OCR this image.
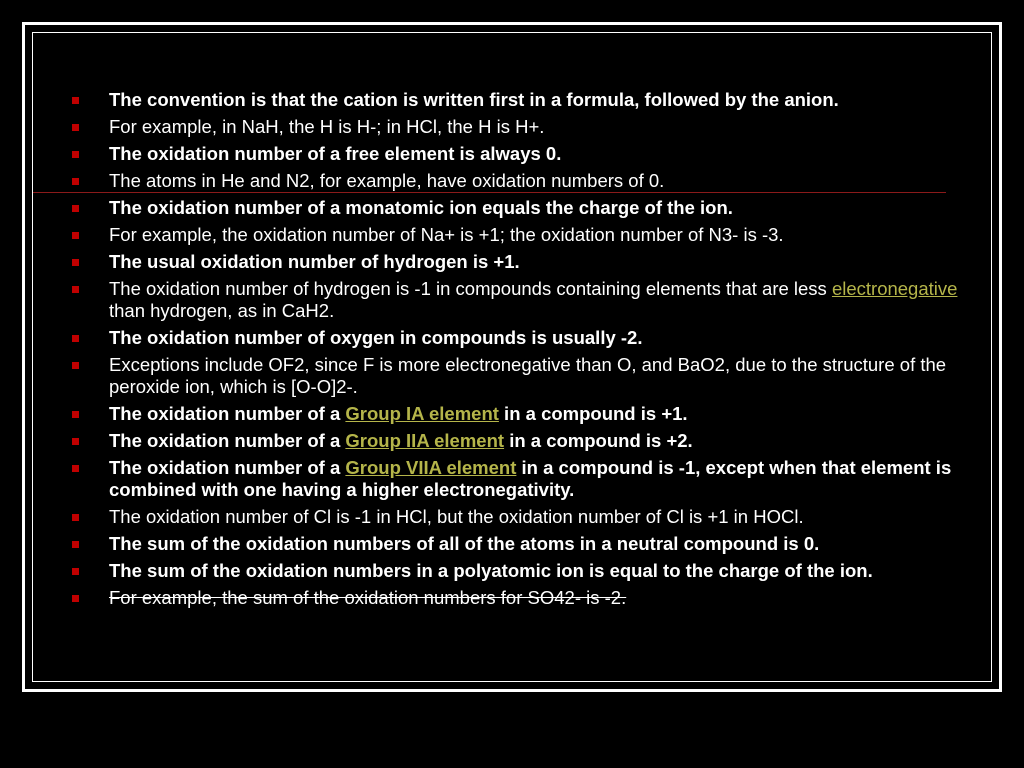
The convention is that the cation is written first in a formula, followed by the anion.
For example, in NaH, the H is H-; in HCl, the H is H+.
The oxidation number of a free element is always 0.
The atoms in He and N2, for example, have oxidation numbers of 0.
The oxidation number of a monatomic ion equals the charge of the ion.
For example, the oxidation number of Na+ is +1; the oxidation number of N3- is -3.
The usual oxidation number of hydrogen is +1.
The oxidation number of hydrogen is -1 in compounds containing elements that are less electronegative than hydrogen, as in CaH2.
The oxidation number of oxygen in compounds is usually -2.
Exceptions include OF2, since F is more electronegative than O, and BaO2, due to the structure of the peroxide ion, which is [O-O]2-.
The oxidation number of a Group IA element in a compound is +1.
The oxidation number of a Group IIA element in a compound is +2.
The oxidation number of a Group VIIA element in a compound is -1, except when that element is combined with one having a higher electronegativity.
The oxidation number of Cl is -1 in HCl, but the oxidation number of Cl is +1 in HOCl.
The sum of the oxidation numbers of all of the atoms in a neutral compound is 0.
The sum of the oxidation numbers in a polyatomic ion is equal to the charge of the ion.
For example, the sum of the oxidation numbers for SO42- is -2.
